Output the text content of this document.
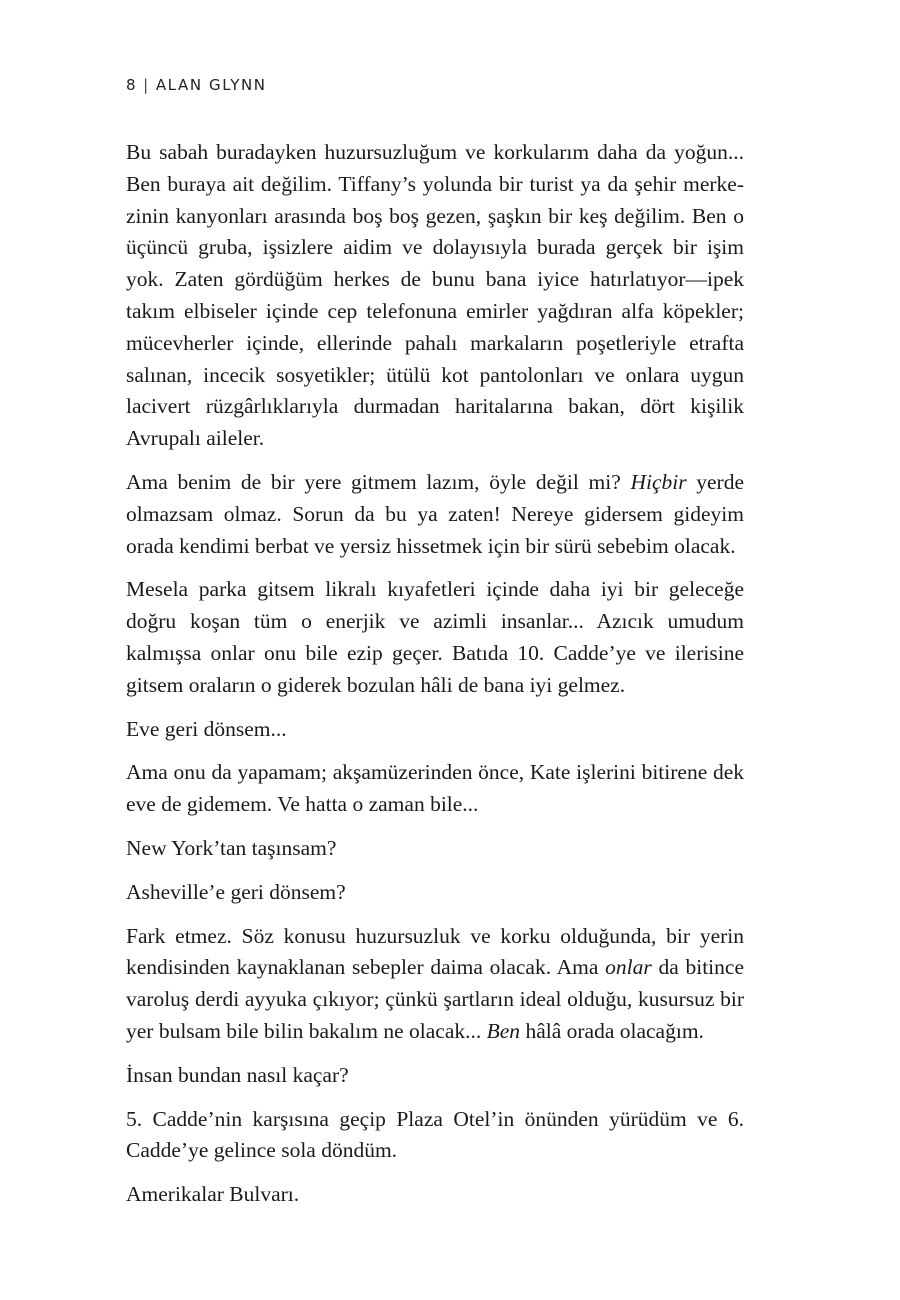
8 | ALAN GLYNN

Bu sabah buradayken huzursuzluğum ve korkularım daha da yoğun... Ben buraya ait değilim. Tiffany’s yolunda bir turist ya da şehir merkezinin kanyonları arasında boş boş gezen, şaşkın bir keş değilim. Ben o üçüncü gruba, işsizlere aidim ve dolayısıyla burada gerçek bir işim yok. Zaten gördüğüm herkes de bunu bana iyice hatırlatıyor—ipek takım elbiseler içinde cep telefonuna emirler yağdıran alfa köpekler; mücevherler içinde, ellerinde pahalı markaların poşetleriyle etrafta salınan, incecik sosyetikler; ütülü kot pantolonları ve onlara uygun lacivert rüzgârlıklarıyla durmadan haritalarına bakan, dört kişilik Avrupalı aileler.

Ama benim de bir yere gitmem lazım, öyle değil mi? Hiçbir yerde olmazsam olmaz. Sorun da bu ya zaten! Nereye gidersem gideyim orada kendimi berbat ve yersiz hissetmek için bir sürü sebebim olacak.

Mesela parka gitsem likralı kıyafetleri içinde daha iyi bir geleceğe doğru koşan tüm o enerjik ve azimli insanlar... Azıcık umudum kalmışsa onlar onu bile ezip geçer. Batıda 10. Cadde’ye ve ilerisine gitsem oraların o giderek bozulan hâli de bana iyi gelmez.

Eve geri dönsem...

Ama onu da yapamam; akşamüzerinden önce, Kate işlerini bitirene dek eve de gidemem. Ve hatta o zaman bile...

New York’tan taşınsam?

Asheville’e geri dönsem?

Fark etmez. Söz konusu huzursuzluk ve korku olduğunda, bir yerin kendisinden kaynaklanan sebepler daima olacak. Ama onlar da bitince varoluş derdi ayyuka çıkıyor; çünkü şartların ideal olduğu, kusursuz bir yer bulsam bile bilin bakalım ne olacak... Ben hâlâ orada olacağım.

İnsan bundan nasıl kaçar?

5. Cadde’nin karşısına geçip Plaza Otel’in önünden yürüdüm ve 6. Cadde’ye gelince sola döndüm.

Amerikalar Bulvarı.
